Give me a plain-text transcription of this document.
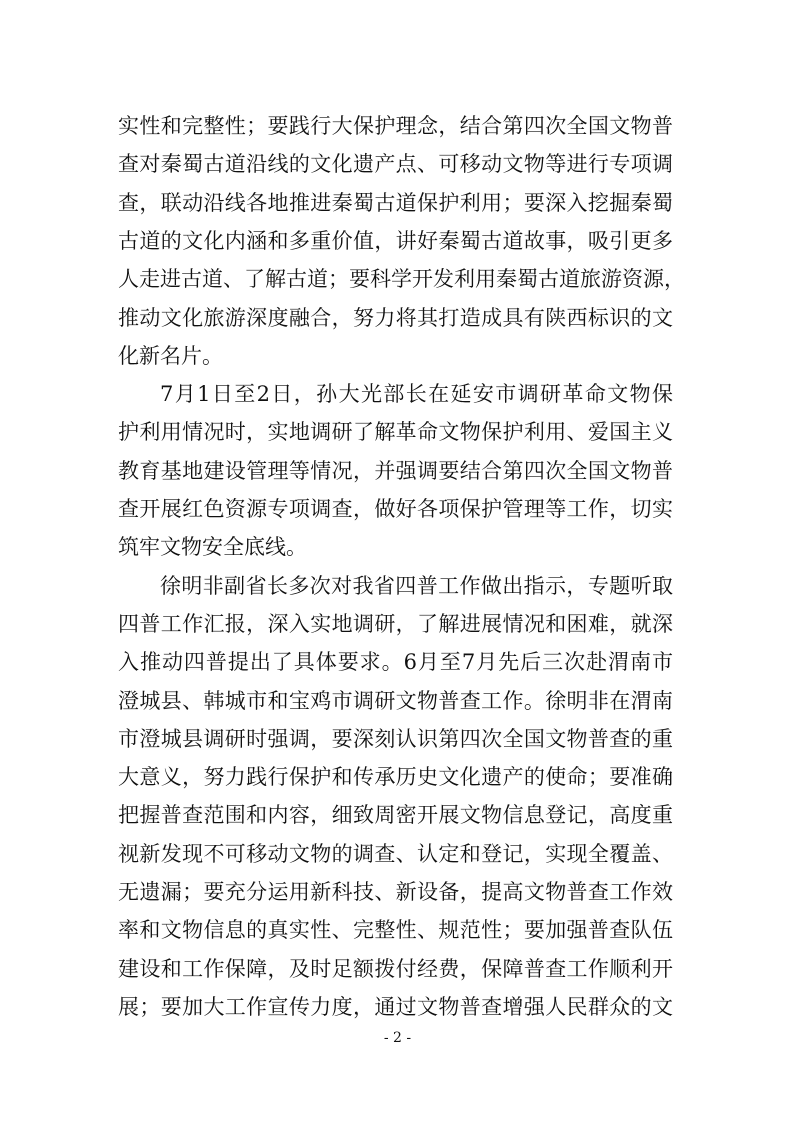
实性和完整性；要践行大保护理念，结合第四次全国文物普
查对秦蜀古道沿线的文化遗产点、可移动文物等进行专项调
查，联动沿线各地推进秦蜀古道保护利用；要深入挖掘秦蜀
古道的文化内涵和多重价值，讲好秦蜀古道故事，吸引更多
人走进古道、了解古道；要科学开发利用秦蜀古道旅游资源，
推动文化旅游深度融合，努力将其打造成具有陕西标识的文
化新名片。
7月1日至2日，孙大光部长在延安市调研革命文物保
护利用情况时，实地调研了解革命文物保护利用、爱国主义
教育基地建设管理等情况，并强调要结合第四次全国文物普
查开展红色资源专项调查，做好各项保护管理等工作，切实
筑牢文物安全底线。
徐明非副省长多次对我省四普工作做出指示，专题听取
四普工作汇报，深入实地调研，了解进展情况和困难，就深
入推动四普提出了具体要求。6月至7月先后三次赴渭南市
澄城县、韩城市和宝鸡市调研文物普查工作。徐明非在渭南
市澄城县调研时强调，要深刻认识第四次全国文物普查的重
大意义，努力践行保护和传承历史文化遗产的使命；要准确
把握普查范围和内容，细致周密开展文物信息登记，高度重
视新发现不可移动文物的调查、认定和登记，实现全覆盖、
无遗漏；要充分运用新科技、新设备，提高文物普查工作效
率和文物信息的真实性、完整性、规范性；要加强普查队伍
建设和工作保障，及时足额拨付经费，保障普查工作顺利开
展；要加大工作宣传力度，通过文物普查增强人民群众的文
- 2 -
